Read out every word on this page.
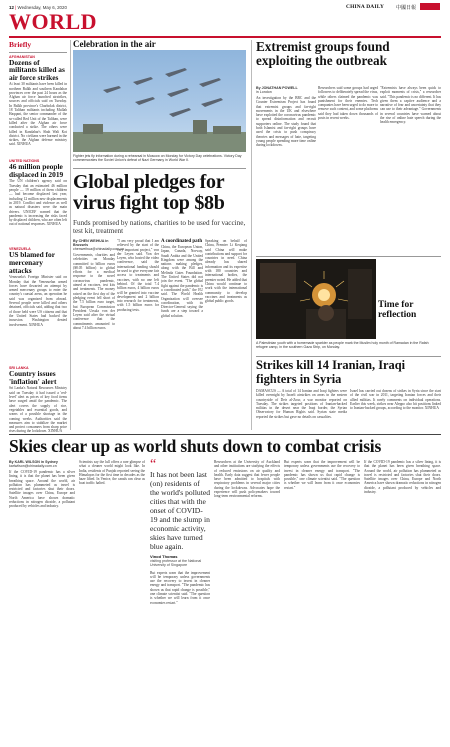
12 | Wednesday, May 6, 2020	CHINA DAILY 中國日報
WORLD
Briefly
AFGHANISTAN
Dozens of militants killed as air force strikes
At least 30 militants have been killed in northern Balkh and southern Kandahar provinces over the past 24 hours as the Afghan air force launched airstrikes, sources and officials said on Tuesday. In Balkh province's Charbolak district, 18 Taliban militants including Mullah Haqqani, the senior commander of the so-called Red Unit of the Taliban, were killed after the Afghan air force conducted a strike. The others were killed in Kandahar's Shah Wali Kot district. No civilians were harmed in the strikes, the Afghan defense ministry said. XINHUA
UNITED NATIONS
46 million people displaced in 2019
The UN children's agency said on Tuesday that an estimated 46 million people — 19 million of them children — had become displaced last year, including 12 million new displacements in 2019. Conflict and violence as well as natural disasters were the main drivers. UNICEF warned that the pandemic is increasing the risks faced by displaced children, who are often left out of national responses. XINHUA
VENEZUELA
US blamed for mercenary attacks
Venezuela's Foreign Minister said on Monday that the Venezuelan armed forces have thwarted an attempt by armed mercenary groups to enter the country's coastal areas, an operation he said was organized from abroad. Several people were killed and others detained, officials said, adding that two of those held were US citizens and that the United States had backed the incursion. Washington denied involvement. XINHUA
SRI LANKA
Country issues 'inflation' alert
Sri Lanka's Natural Resources Ministry said on Tuesday it had issued a 'red-level' alert as prices of key food items have surged amid the pandemic. The alert covers the supply of rice, vegetables and essential goods, and warns of a possible shortage in the coming weeks. Authorities said the measures aim to stabilize the market and protect consumers from sharp price rises during the lockdown. XINHUA
Celebration in the air
Fighter jets fly information during a rehearsal in Moscow on Monday for Victory Day celebrations. Victory Day commemorates the Soviet Union's defeat of Nazi Germany in World War II.
Global pledges for virus fight top $8b
Funds promised by nations, charities to be used for vaccine, test kit, treatment
By CHEN WEIHUA in Brussels
chenweihua@chinadaily.com.cn
Governments, charities and celebrities on Monday committed to billion euros ($8.05 billion) to global efforts for a medical response to the novel coronavirus pandemic, aimed at vaccines, test kits and treatments. The money raised on the first day of the pledging event fell short of the 7.5 billion euro target, but European Commission President Ursula von der Leyen said after the virtual conference that the commitments amounted to about 7.4 billion euros.
"I am very proud that I am relieved by the start of the very important project," von der Leyen said. Von der Leyen, who hosted the video conference, said the international funding should be used to give everyone fair access to treatments and vaccines, with no one left behind. Of the total 7.4 billion euros, 4 billion euros will be granted into vaccine development and 2 billion into research for treatments, with 1.5 billion euros for producing tests.
A coordinated path
China, the European Union, Japan, Canada, Norway, Saudi Arabia and the United Kingdom were among the nations making pledges, along with the Bill and Melinda Gates Foundation. The United States did not join the event. "The global fight against the pandemic is a coordinated path," the EU said. The World Health Organization will oversee coordination, with its Director-General saying the funds are a step toward a global solution.
Speaking on behalf of China, Premier Li Keqiang said China will make contributions and support for countries in need. China already has shared information and its expertise with 180 countries and international bodies, the premier noted. He added that China would continue to work with the international community to develop vaccines and treatments as global public goods.
Extremist groups found exploiting the outbreak
By JONATHAN POWELL
in London
An investigation by the BBC and the Counter Extremism Project has found that extremist groups and far-right movements in the UK and elsewhere have exploited the coronavirus pandemic to spread disinformation and recruit supporters online. The study found that both Islamist and far-right groups have used the crisis to push conspiracy theories and messages of hate, targeting young people spending more time online during lockdowns.
Researchers said some groups had urged followers to deliberately spread the virus, while others claimed the pandemic was punishment for their enemies. Tech companies have been urged to do more to remove such content, and some platforms said they had taken down thousands of posts in recent weeks.
"Extremists have always been quick to exploit moments of crisis," a researcher said. "This pandemic is no different. It has given them a captive audience and a narrative of fear and uncertainty that they can use to their advantage." Governments in several countries have warned about the rise of online hate speech during the health emergency.
A Palestinian youth with a homemade sparkler as people mark the Muslim holy month of Ramadan in the Rafah refugee camp, in the southern Gaza Strip, on Monday.
Time for reflection
Strikes kill 14 Iranian, Iraqi fighters in Syria
DAMASCUS — A total of 14 Iranian and Iraqi fighters were killed overnight by Israeli airstrikes on areas in the eastern countryside of Deir al-Zour, a war monitor reported on Tuesday. The strikes targeted positions of Iranian-backed militias in the desert near the Iraqi border, the Syrian Observatory for Human Rights said. Syrian state media reported the strikes but gave no details on casualties.
Israel has carried out dozens of strikes in Syria since the start of the civil war in 2011, targeting Iranian forces and their allied militias. It rarely comments on individual operations. Earlier this week, strikes near Aleppo also hit positions linked to Iranian-backed groups, according to the monitor. XINHUA
Skies clear up as world shuts down to combat crisis
By KARL WILSON in Sydney
karlwilson@chinadaily.com.cn
If the COVID-19 pandemic has a silver lining, it is that the planet has been given breathing space. Around the world, air pollution has plummeted as travel is restricted and factories shut their doors. Satellite images over China, Europe and North America have shown dramatic reductions in nitrogen dioxide, a pollutant produced by vehicles and industry.
Scientists say the lull offers a rare glimpse of what a cleaner world might look like. In India, residents of Punjab reported seeing the Himalayas for the first time in decades as the haze lifted. In Venice, the canals ran clear as boat traffic halted.
“
It has not been last (on) residents of the world's polluted cities that with the onset of COVID-19 and the slump in economic activity, skies have turned blue again.
Vinod Thomas
visiting professor at the National University of Singapore
But experts warn that the improvement will be temporary unless governments use the recovery to invest in cleaner energy and transport. "The pandemic has shown us that rapid change is possible," one climate scientist said. "The question is whether we will learn from it once economies restart."
Researchers at the University of Auckland and other institutions are studying the effects of reduced emissions on air quality and health. Early data suggest that fewer people have been admitted to hospitals with respiratory problems in several major cities during the lockdowns. Advocates hope the experience will push policymakers toward long-term environmental reforms.
But experts warn that the improvement will be temporary unless governments use the recovery to invest in cleaner energy and transport. "The pandemic has shown us that rapid change is possible," one climate scientist said. "The question is whether we will learn from it once economies restart."
If the COVID-19 pandemic has a silver lining, it is that the planet has been given breathing space. Around the world, air pollution has plummeted as travel is restricted and factories shut their doors. Satellite images over China, Europe and North America have shown dramatic reductions in nitrogen dioxide, a pollutant produced by vehicles and industry.
